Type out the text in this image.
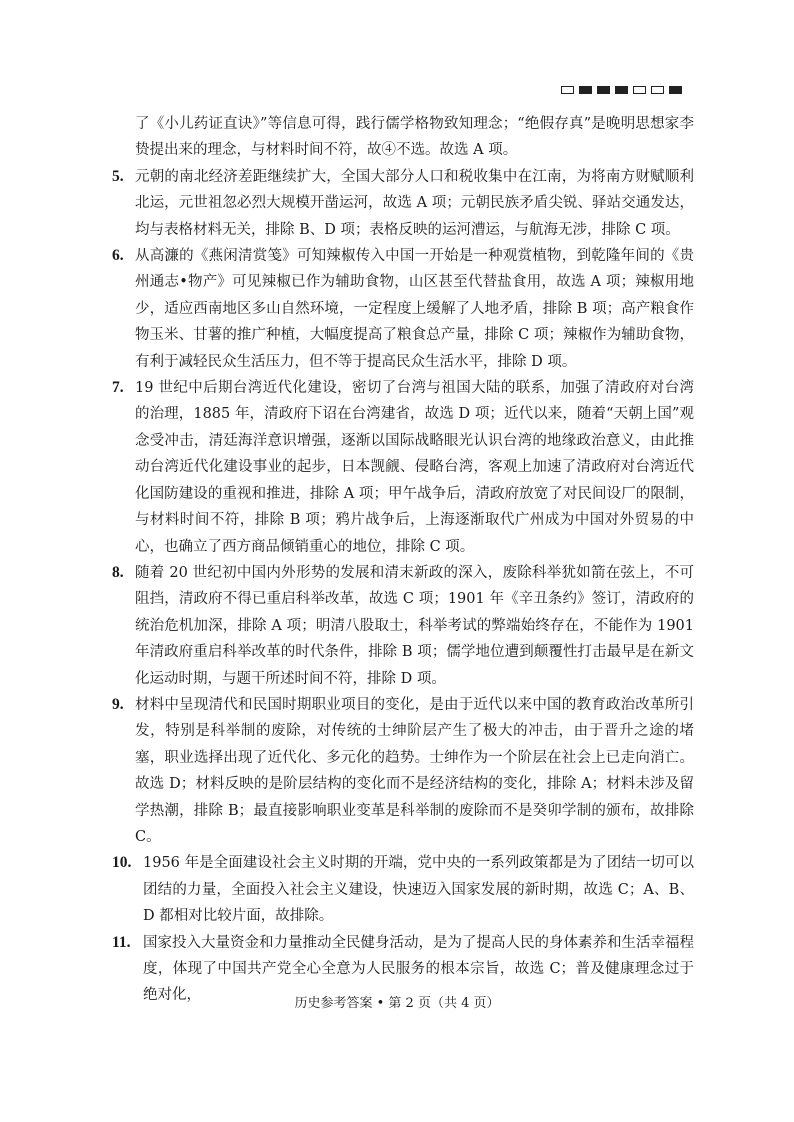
了《小儿药证直诀》”等信息可得，践行儒学格物致知理念；“绝假存真”是晚明思想家李贽提出来的理念，与材料时间不符，故④不选。故选 A 项。

5. 元朝的南北经济差距继续扩大，全国大部分人口和税收集中在江南，为将南方财赋顺利北运，元世祖忽必烈大规模开凿运河，故选 A 项；元朝民族矛盾尖锐、驿站交通发达，均与表格材料无关，排除 B、D 项；表格反映的运河漕运，与航海无涉，排除 C 项。
6. 从高濂的《燕闲清赏笺》可知辣椒传入中国一开始是一种观赏植物，到乾隆年间的《贵州通志•物产》可见辣椒已作为辅助食物，山区甚至代替盐食用，故选 A 项；辣椒用地少，适应西南地区多山自然环境，一定程度上缓解了人地矛盾，排除 B 项；高产粮食作物玉米、甘薯的推广种植，大幅度提高了粮食总产量，排除 C 项；辣椒作为辅助食物，有利于减轻民众生活压力，但不等于提高民众生活水平，排除 D 项。
7. 19 世纪中后期台湾近代化建设，密切了台湾与祖国大陆的联系，加强了清政府对台湾的治理，1885 年，清政府下诏在台湾建省，故选 D 项；近代以来，随着“天朝上国”观念受冲击，清廷海洋意识增强，逐渐以国际战略眼光认识台湾的地缘政治意义，由此推动台湾近代化建设事业的起步，日本觊觎、侵略台湾，客观上加速了清政府对台湾近代化国防建设的重视和推进，排除 A 项；甲午战争后，清政府放宽了对民间设厂的限制，与材料时间不符，排除 B 项；鸦片战争后，上海逐渐取代广州成为中国对外贸易的中心，也确立了西方商品倾销重心的地位，排除 C 项。
8. 随着 20 世纪初中国内外形势的发展和清末新政的深入，废除科举犹如箭在弦上，不可阻挡，清政府不得已重启科举改革，故选 C 项；1901 年《辛丑条约》签订，清政府的统治危机加深，排除 A 项；明清八股取士，科举考试的弊端始终存在，不能作为 1901 年清政府重启科举改革的时代条件，排除 B 项；儒学地位遭到颠覆性打击最早是在新文化运动时期，与题干所述时间不符，排除 D 项。
9. 材料中呈现清代和民国时期职业项目的变化，是由于近代以来中国的教育政治改革所引发，特别是科举制的废除，对传统的士绅阶层产生了极大的冲击，由于晋升之途的堵塞，职业选择出现了近代化、多元化的趋势。士绅作为一个阶层在社会上已走向消亡。故选 D；材料反映的是阶层结构的变化而不是经济结构的变化，排除 A；材料未涉及留学热潮，排除 B；最直接影响职业变革是科举制的废除而不是癸卯学制的颁布，故排除 C。
10. 1956 年是全面建设社会主义时期的开端，党中央的一系列政策都是为了团结一切可以团结的力量，全面投入社会主义建设，快速迈入国家发展的新时期，故选 C；A、B、D 都相对比较片面，故排除。
11. 国家投入大量资金和力量推动全民健身活动，是为了提高人民的身体素养和生活幸福程度，体现了中国共产党全心全意为人民服务的根本宗旨，故选 C；普及健康理念过于绝对化，
历史参考答案 • 第 2 页（共 4 页）
